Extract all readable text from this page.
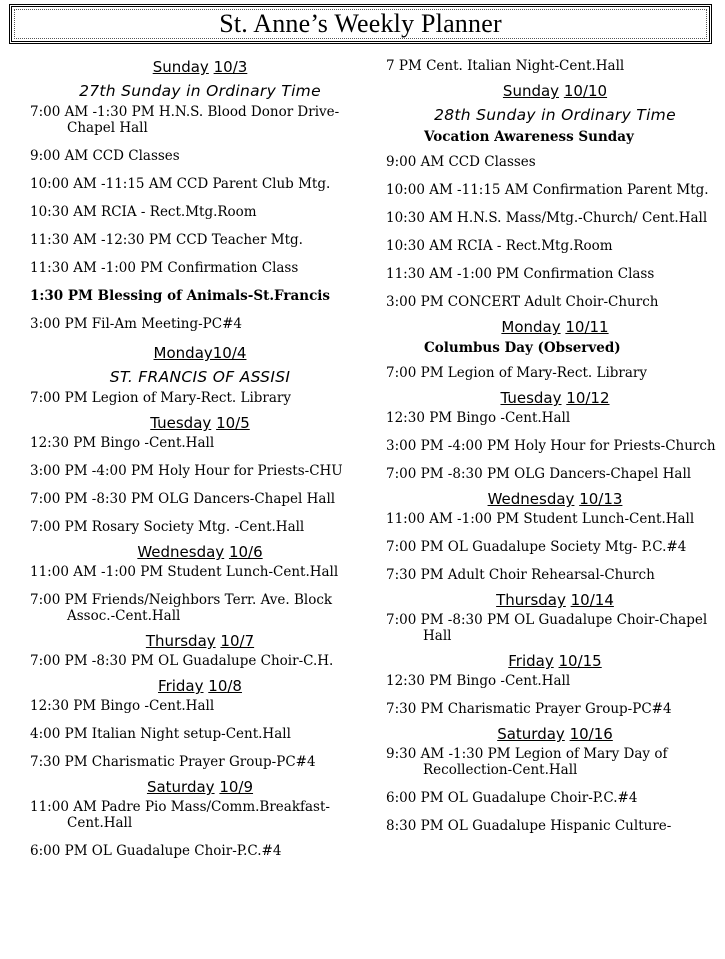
St. Anne’s Weekly Planner
Sunday 10/3
27th Sunday in Ordinary Time
7:00 AM -1:30 PM H.N.S. Blood Donor Drive-Chapel Hall
9:00 AM CCD Classes
10:00 AM -11:15 AM CCD Parent Club Mtg.
10:30 AM RCIA - Rect.Mtg.Room
11:30 AM -12:30 PM CCD Teacher Mtg.
11:30 AM -1:00 PM Confirmation Class
1:30 PM Blessing of Animals-St.Francis
3:00 PM Fil-Am Meeting-PC#4
Monday10/4
ST. FRANCIS OF ASSISI
7:00 PM Legion of Mary-Rect. Library
Tuesday 10/5
12:30 PM Bingo -Cent.Hall
3:00 PM -4:00 PM Holy Hour for Priests-CHU
7:00 PM -8:30 PM OLG Dancers-Chapel Hall
7:00 PM Rosary Society Mtg. -Cent.Hall
Wednesday 10/6
11:00 AM -1:00 PM Student Lunch-Cent.Hall
7:00 PM Friends/Neighbors Terr. Ave. Block Assoc.-Cent.Hall
Thursday 10/7
7:00 PM -8:30 PM OL Guadalupe Choir-C.H.
Friday 10/8
12:30 PM Bingo -Cent.Hall
4:00 PM Italian Night setup-Cent.Hall
7:30 PM Charismatic Prayer Group-PC#4
Saturday 10/9
11:00 AM Padre Pio Mass/Comm.Breakfast-Cent.Hall
6:00 PM OL Guadalupe Choir-P.C.#4
7 PM Cent. Italian Night-Cent.Hall
Sunday 10/10
28th Sunday in Ordinary Time
Vocation Awareness Sunday
9:00 AM CCD Classes
10:00 AM -11:15 AM Confirmation Parent Mtg.
10:30 AM H.N.S. Mass/Mtg.-Church/ Cent.Hall
10:30 AM RCIA - Rect.Mtg.Room
11:30 AM -1:00 PM Confirmation Class
3:00 PM CONCERT Adult Choir-Church
Monday 10/11
Columbus Day (Observed)
7:00 PM Legion of Mary-Rect. Library
Tuesday 10/12
12:30 PM Bingo -Cent.Hall
3:00 PM -4:00 PM Holy Hour for Priests-Church
7:00 PM -8:30 PM OLG Dancers-Chapel Hall
Wednesday 10/13
11:00 AM -1:00 PM Student Lunch-Cent.Hall
7:00 PM OL Guadalupe Society Mtg- P.C.#4
7:30 PM Adult Choir Rehearsal-Church
Thursday 10/14
7:00 PM -8:30 PM OL Guadalupe Choir-Chapel Hall
Friday 10/15
12:30 PM Bingo -Cent.Hall
7:30 PM Charismatic Prayer Group-PC#4
Saturday 10/16
9:30 AM -1:30 PM Legion of Mary Day of Recollection-Cent.Hall
6:00 PM OL Guadalupe Choir-P.C.#4
8:30 PM OL Guadalupe Hispanic Culture-
